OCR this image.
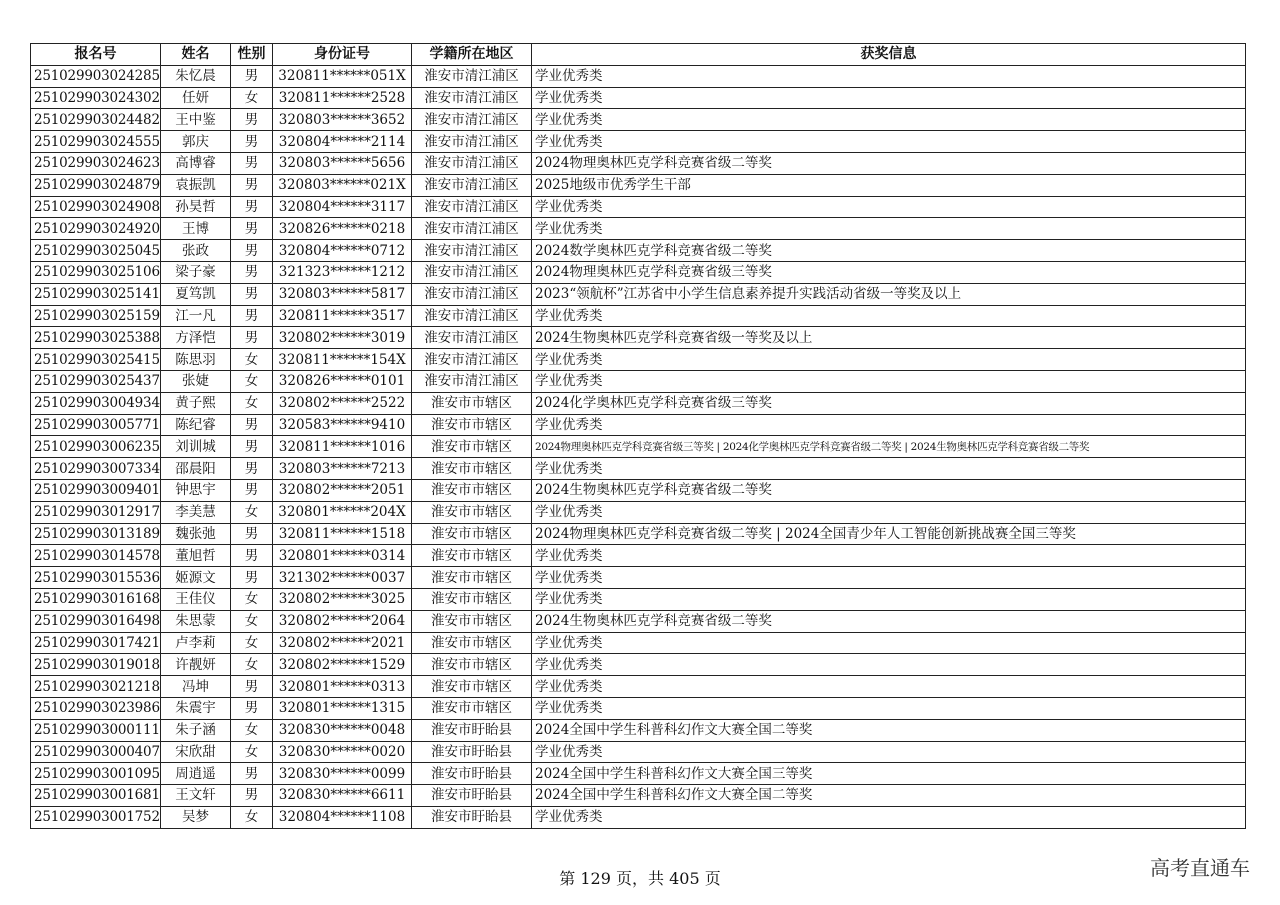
报名号	姓名	性别	身份证号	学籍所在地区	获奖信息
251029903024285	朱忆晨	男	320811******051X	淮安市清江浦区	学业优秀类
251029903024302	任妍	女	320811******2528	淮安市清江浦区	学业优秀类
251029903024482	王中鉴	男	320803******3652	淮安市清江浦区	学业优秀类
251029903024555	郭庆	男	320804******2114	淮安市清江浦区	学业优秀类
251029903024623	高博睿	男	320803******5656	淮安市清江浦区	2024物理奥林匹克学科竞赛省级二等奖
251029903024879	袁振凯	男	320803******021X	淮安市清江浦区	2025地级市优秀学生干部
251029903024908	孙昊哲	男	320804******3117	淮安市清江浦区	学业优秀类
251029903024920	王博	男	320826******0218	淮安市清江浦区	学业优秀类
251029903025045	张政	男	320804******0712	淮安市清江浦区	2024数学奥林匹克学科竞赛省级二等奖
251029903025106	梁子豪	男	321323******1212	淮安市清江浦区	2024物理奥林匹克学科竞赛省级三等奖
251029903025141	夏笃凯	男	320803******5817	淮安市清江浦区	2023“领航杯”江苏省中小学生信息素养提升实践活动省级一等奖及以上
251029903025159	江一凡	男	320811******3517	淮安市清江浦区	学业优秀类
251029903025388	方泽恺	男	320802******3019	淮安市清江浦区	2024生物奥林匹克学科竞赛省级一等奖及以上
251029903025415	陈思羽	女	320811******154X	淮安市清江浦区	学业优秀类
251029903025437	张婕	女	320826******0101	淮安市清江浦区	学业优秀类
251029903004934	黄子熙	女	320802******2522	淮安市市辖区	2024化学奥林匹克学科竞赛省级三等奖
251029903005771	陈纪睿	男	320583******9410	淮安市市辖区	学业优秀类
251029903006235	刘训城	男	320811******1016	淮安市市辖区	2024物理奥林匹克学科竞赛省级三等奖 | 2024化学奥林匹克学科竞赛省级二等奖 | 2024生物奥林匹克学科竞赛省级二等奖
251029903007334	邵晨阳	男	320803******7213	淮安市市辖区	学业优秀类
251029903009401	钟思宇	男	320802******2051	淮安市市辖区	2024生物奥林匹克学科竞赛省级二等奖
251029903012917	李美慧	女	320801******204X	淮安市市辖区	学业优秀类
251029903013189	魏张弛	男	320811******1518	淮安市市辖区	2024物理奥林匹克学科竞赛省级二等奖 | 2024全国青少年人工智能创新挑战赛全国三等奖
251029903014578	董旭哲	男	320801******0314	淮安市市辖区	学业优秀类
251029903015536	姬源文	男	321302******0037	淮安市市辖区	学业优秀类
251029903016168	王佳仪	女	320802******3025	淮安市市辖区	学业优秀类
251029903016498	朱思蒙	女	320802******2064	淮安市市辖区	2024生物奥林匹克学科竞赛省级二等奖
251029903017421	卢李莉	女	320802******2021	淮安市市辖区	学业优秀类
251029903019018	许靓妍	女	320802******1529	淮安市市辖区	学业优秀类
251029903021218	冯坤	男	320801******0313	淮安市市辖区	学业优秀类
251029903023986	朱震宇	男	320801******1315	淮安市市辖区	学业优秀类
251029903000111	朱子涵	女	320830******0048	淮安市盱眙县	2024全国中学生科普科幻作文大赛全国二等奖
251029903000407	宋欣甜	女	320830******0020	淮安市盱眙县	学业优秀类
251029903001095	周逍遥	男	320830******0099	淮安市盱眙县	2024全国中学生科普科幻作文大赛全国三等奖
251029903001681	王文轩	男	320830******6611	淮安市盱眙县	2024全国中学生科普科幻作文大赛全国二等奖
251029903001752	吴梦	女	320804******1108	淮安市盱眙县	学业优秀类
第 129 页，共 405 页	高考直通车
